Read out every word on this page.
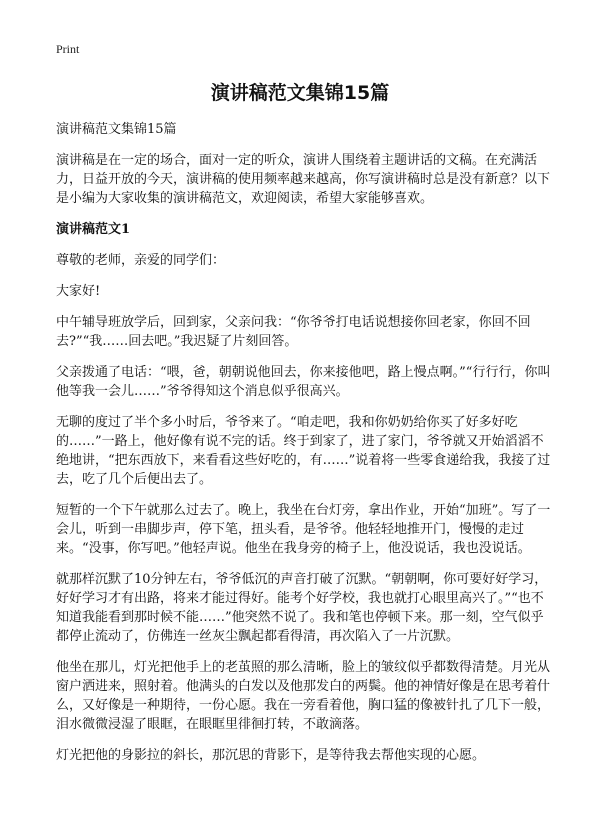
Print
演讲稿范文集锦15篇

演讲稿范文集锦15篇

演讲稿是在一定的场合，面对一定的听众，演讲人围绕着主题讲话的文稿。在充满活力，日益开放的今天，演讲稿的使用频率越来越高，你写演讲稿时总是没有新意？以下是小编为大家收集的演讲稿范文，欢迎阅读，希望大家能够喜欢。

演讲稿范文1

尊敬的老师，亲爱的同学们：

大家好!

中午辅导班放学后，回到家，父亲问我：“你爷爷打电话说想接你回老家，你回不回去?”“我……回去吧。”我迟疑了片刻回答。

父亲拨通了电话：“喂，爸，朝朝说他回去，你来接他吧，路上慢点啊。”“行行行，你叫他等我一会儿……”爷爷得知这个消息似乎很高兴。

无聊的度过了半个多小时后，爷爷来了。“咱走吧，我和你奶奶给你买了好多好吃的……”一路上，他好像有说不完的话。终于到家了，进了家门，爷爷就又开始滔滔不绝地讲，“把东西放下，来看看这些好吃的，有……”说着将一些零食递给我，我接了过去，吃了几个后便出去了。

短暂的一个下午就那么过去了。晚上，我坐在台灯旁，拿出作业，开始“加班”。写了一会儿，听到一串脚步声，停下笔，扭头看，是爷爷。他轻轻地推开门，慢慢的走过来。“没事，你写吧。”他轻声说。他坐在我身旁的椅子上，他没说话，我也没说话。

就那样沉默了10分钟左右，爷爷低沉的声音打破了沉默。“朝朝啊，你可要好好学习，好好学习才有出路，将来才能过得好。能考个好学校，我也就打心眼里高兴了。”“也不知道我能看到那时候不能……”他突然不说了。我和笔也停顿下来。那一刻，空气似乎都停止流动了，仿佛连一丝灰尘飘起都看得清，再次陷入了一片沉默。

他坐在那儿，灯光把他手上的老茧照的那么清晰，脸上的皱纹似乎都数得清楚。月光从窗户洒进来，照射着。他满头的白发以及他那发白的两鬓。他的神情好像是在思考着什么，又好像是一种期待，一份心愿。我在一旁看着他，胸口猛的像被针扎了几下一般，泪水微微浸湿了眼眶，在眼眶里徘徊打转，不敢滴落。

灯光把他的身影拉的斜长，那沉思的背影下，是等待我去帮他实现的心愿。
